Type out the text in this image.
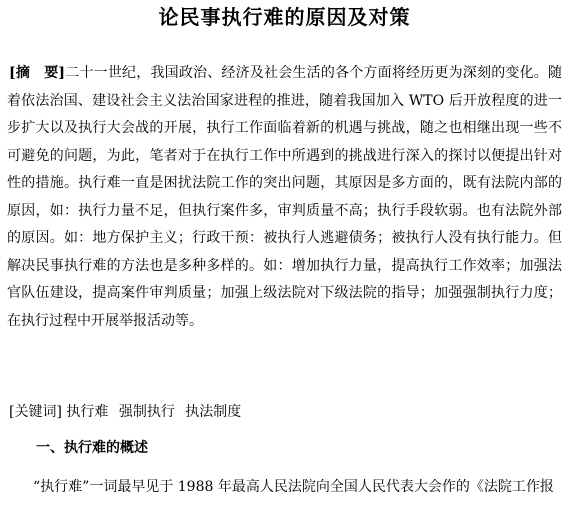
论民事执行难的原因及对策
[摘　要]二十一世纪，我国政治、经济及社会生活的各个方面将经历更为深刻的变化。随着依法治国、建设社会主义法治国家进程的推进，随着我国加入 WTO 后开放程度的进一步扩大以及执行大会战的开展，执行工作面临着新的机遇与挑战，随之也相继出现一些不可避免的问题，为此，笔者对于在执行工作中所遇到的挑战进行深入的探讨以便提出针对性的措施。执行难一直是困扰法院工作的突出问题，其原因是多方面的，既有法院内部的原因，如：执行力量不足，但执行案件多，审判质量不高；执行手段软弱。也有法院外部的原因。如：地方保护主义；行政干预：被执行人逃避债务；被执行人没有执行能力。但解决民事执行难的方法也是多种多样的。如：增加执行力量，提高执行工作效率；加强法官队伍建设，提高案件审判质量；加强上级法院对下级法院的指导；加强强制执行力度；在执行过程中开展举报活动等。
[关键词] 执行难 强制执行 执法制度
一、执行难的概述
“执行难”一词最早见于 1988 年最高人民法院向全国人民代表大会作的《法院工作报
